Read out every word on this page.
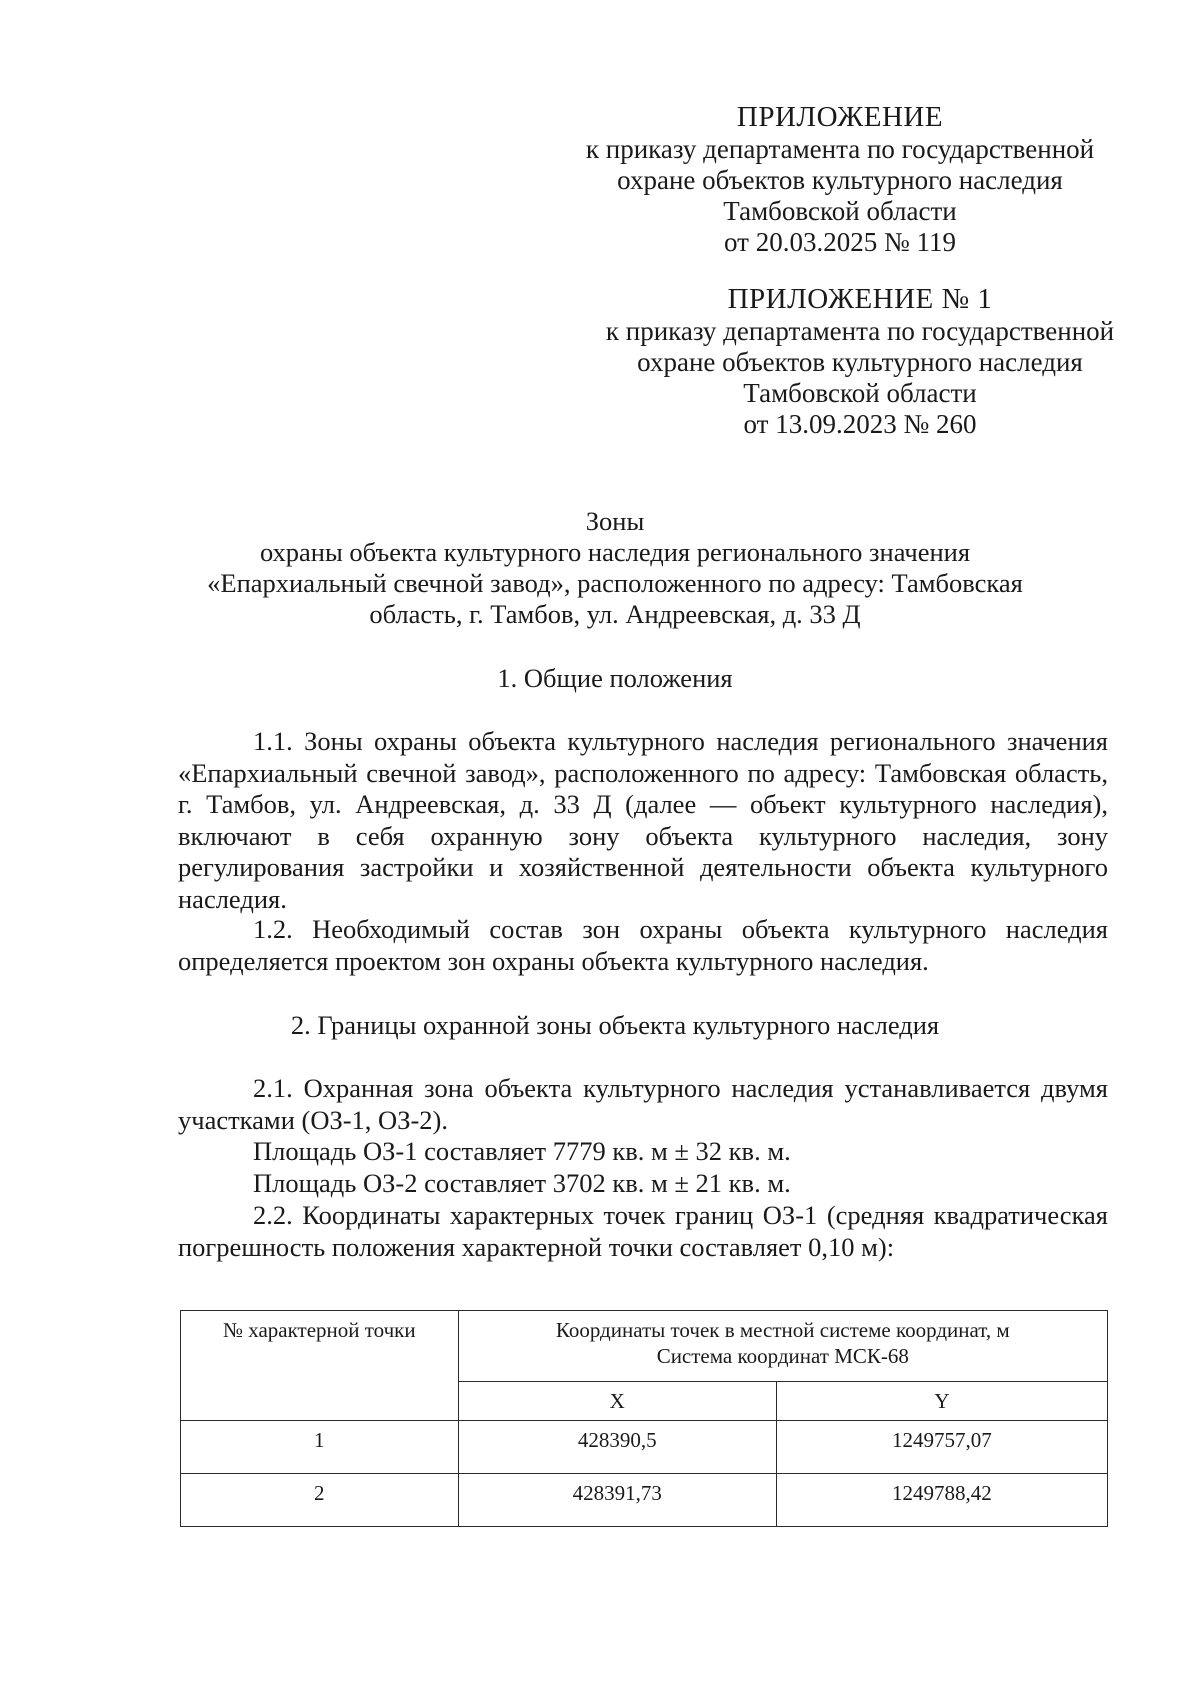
ПРИЛОЖЕНИЕ
к приказу департамента по государственной
охране объектов культурного наследия
Тамбовской области
от 20.03.2025 № 119
ПРИЛОЖЕНИЕ № 1
к приказу департамента по государственной
охране объектов культурного наследия
Тамбовской области
от 13.09.2023 № 260
Зоны
охраны объекта культурного наследия регионального значения
«Епархиальный свечной завод», расположенного по адресу: Тамбовская
область, г. Тамбов, ул. Андреевская, д. 33 Д
1. Общие положения
1.1. Зоны охраны объекта культурного наследия регионального значения «Епархиальный свечной завод», расположенного по адресу: Тамбовская область, г. Тамбов, ул. Андреевская, д. 33 Д (далее — объект культурного наследия), включают в себя охранную зону объекта культурного наследия, зону регулирования застройки и хозяйственной деятельности объекта культурного наследия.
1.2. Необходимый состав зон охраны объекта культурного наследия определяется проектом зон охраны объекта культурного наследия.
2. Границы охранной зоны объекта культурного наследия
2.1. Охранная зона объекта культурного наследия устанавливается двумя участками (ОЗ-1, ОЗ-2).
Площадь ОЗ-1 составляет 7779 кв. м ± 32 кв. м.
Площадь ОЗ-2 составляет 3702 кв. м ± 21 кв. м.
2.2. Координаты характерных точек границ ОЗ-1 (средняя квадратическая погрешность положения характерной точки составляет 0,10 м):
№ характерной точки	Координаты точек в местной системе координат, м
Система координат МСК-68	

	X	Y
1	428390,5	1249757,07
2	428391,73	1249788,42
